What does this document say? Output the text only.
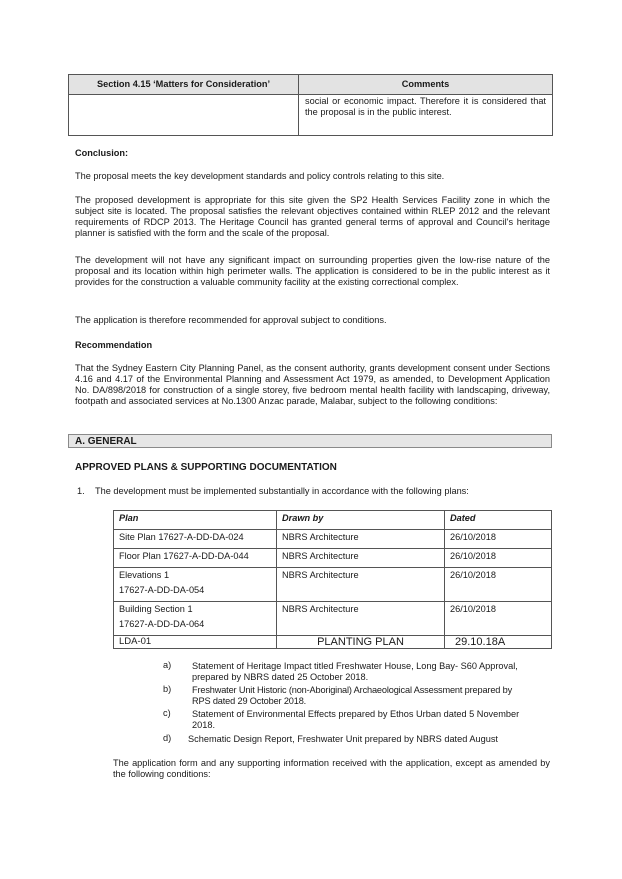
Section 4.15 ‘Matters for Consideration’	Comments
	social or economic impact. Therefore it is considered that the proposal is in the public interest.

Conclusion:

The proposal meets the key development standards and policy controls relating to this site.

The proposed development is appropriate for this site given the SP2 Health Services Facility zone in which the subject site is located. The proposal satisfies the relevant objectives contained within RLEP 2012 and the relevant requirements of RDCP 2013. The Heritage Council has granted general terms of approval and Council's heritage planner is satisfied with the form and the scale of the proposal.

The development will not have any significant impact on surrounding properties given the low-rise nature of the proposal and its location within high perimeter walls. The application is considered to be in the public interest as it provides for the construction a valuable community facility at the existing correctional complex.

The application is therefore recommended for approval subject to conditions.

Recommendation

That the Sydney Eastern City Planning Panel, as the consent authority, grants development consent under Sections 4.16 and 4.17 of the Environmental Planning and Assessment Act 1979, as amended, to Development Application No. DA/898/2018 for construction of a single storey, five bedroom mental health facility with landscaping, driveway, footpath and associated services at No.1300 Anzac parade, Malabar, subject to the following conditions:

A. GENERAL

APPROVED PLANS & SUPPORTING DOCUMENTATION

1. The development must be implemented substantially in accordance with the following plans:

Plan	Drawn by	Dated
Site Plan 17627-A-DD-DA-024	NBRS Architecture	26/10/2018
Floor Plan 17627-A-DD-DA-044	NBRS Architecture	26/10/2018

Elevations 1
17627-A-DD-DA-054	NBRS Architecture	26/10/2018

Building Section 1
17627-A-DD-DA-064	NBRS Architecture	26/10/2018
LDA-01	PLANTING PLAN	29.10.18A

a)	Statement of Heritage Impact titled Freshwater House, Long Bay- S60 Approval, prepared by NBRS dated 25 October 2018.

b)	Freshwater Unit Historic (non-Aboriginal) Archaeological Assessment prepared by RPS dated 29 October 2018.

c)	Statement of Environmental Effects prepared by Ethos Urban dated 5 November 2018.

d)	Schematic Design Report, Freshwater Unit prepared by NBRS dated August

The application form and any supporting information received with the application, except as amended by the following conditions:
